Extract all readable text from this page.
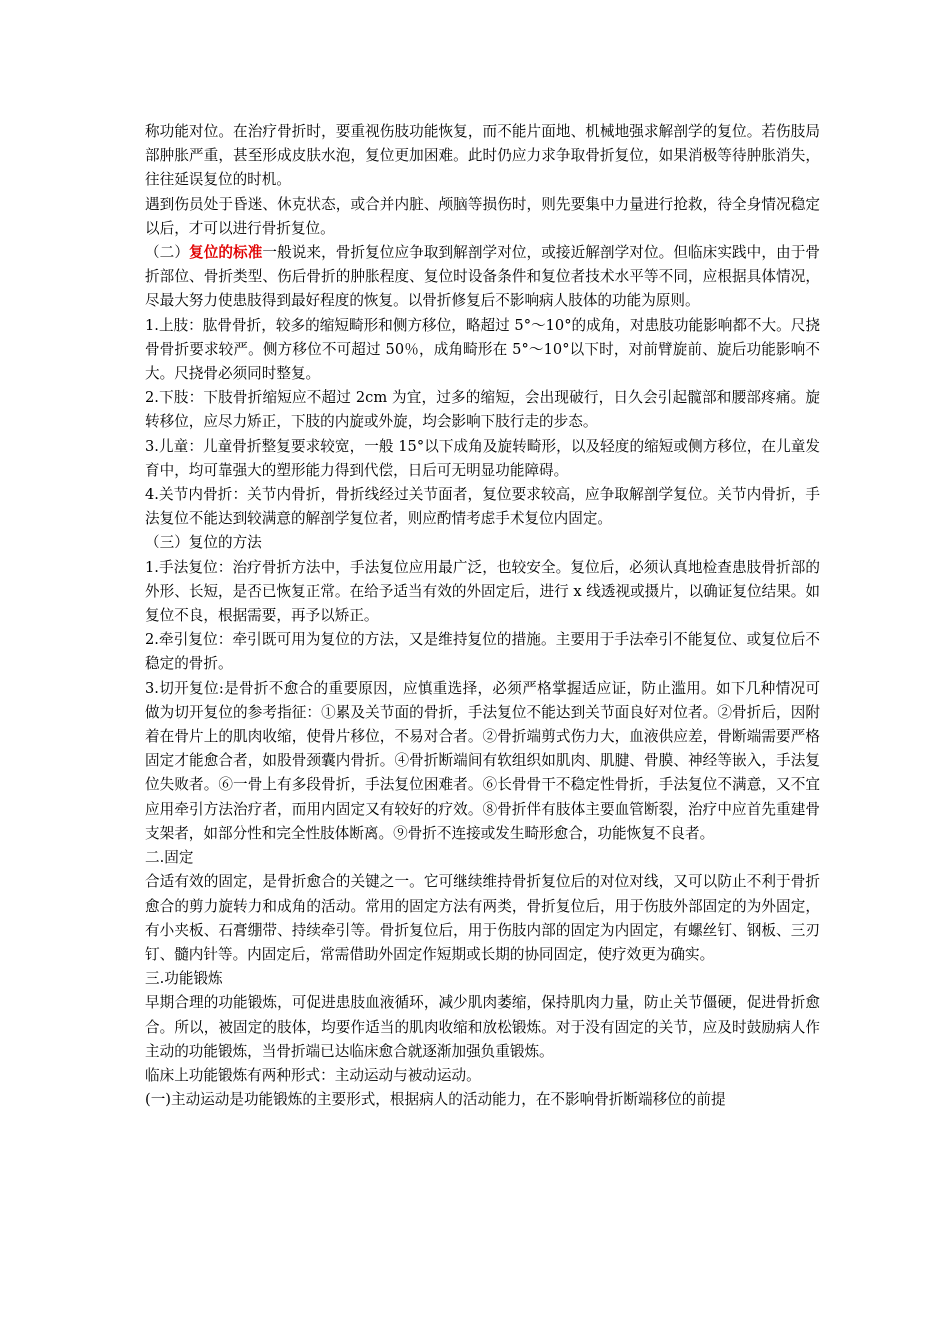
称功能对位。在治疗骨折时，要重视伤肢功能恢复，而不能片面地、机械地强求解剖学的复位。若伤肢局部肿胀严重，甚至形成皮肤水泡，复位更加困难。此时仍应力求争取骨折复位，如果消极等待肿胀消失，往往延误复位的时机。

遇到伤员处于昏迷、休克状态，或合并内脏、颅脑等损伤时，则先要集中力量进行抢救，待全身情况稳定以后，才可以进行骨折复位。

（二）复位的标准一般说来，骨折复位应争取到解剖学对位，或接近解剖学对位。但临床实践中，由于骨折部位、骨折类型、伤后骨折的肿胀程度、复位时设备条件和复位者技术水平等不同，应根据具体情况，尽最大努力使患肢得到最好程度的恢复。以骨折修复后不影响病人肢体的功能为原则。

1.上肢：肱骨骨折，较多的缩短畸形和侧方移位，略超过 5°～10°的成角，对患肢功能影响都不大。尺挠骨骨折要求较严。侧方移位不可超过 50％，成角畸形在 5°～10°以下时，对前臂旋前、旋后功能影响不大。尺挠骨必须同时整复。

2.下肢：下肢骨折缩短应不超过 2cm 为宜，过多的缩短，会出现破行，日久会引起髋部和腰部疼痛。旋转移位，应尽力矫正，下肢的内旋或外旋，均会影响下肢行走的步态。

3.儿童：儿童骨折整复要求较宽，一般 15°以下成角及旋转畸形，以及轻度的缩短或侧方移位，在儿童发育中，均可靠强大的塑形能力得到代偿，日后可无明显功能障碍。

4.关节内骨折：关节内骨折，骨折线经过关节面者，复位要求较高，应争取解剖学复位。关节内骨折，手法复位不能达到较满意的解剖学复位者，则应酌情考虑手术复位内固定。

（三）复位的方法

1.手法复位：治疗骨折方法中，手法复位应用最广泛，也较安全。复位后，必须认真地检查患肢骨折部的外形、长短，是否已恢复正常。在给予适当有效的外固定后，进行 x 线透视或摄片，以确证复位结果。如复位不良，根据需要，再予以矫正。

2.牵引复位：牵引既可用为复位的方法，又是维持复位的措施。主要用于手法牵引不能复位、或复位后不稳定的骨折。

3.切开复位:是骨折不愈合的重要原因，应慎重选择，必须严格掌握适应证，防止滥用。如下几种情况可做为切开复位的参考指征：①累及关节面的骨折，手法复位不能达到关节面良好对位者。②骨折后，因附着在骨片上的肌肉收缩，使骨片移位，不易对合者。②骨折端剪式伤力大，血液供应差，骨断端需要严格固定才能愈合者，如股骨颈囊内骨折。④骨折断端间有软组织如肌肉、肌腱、骨膜、神经等嵌入，手法复位失败者。⑥一骨上有多段骨折，手法复位困难者。⑥长骨骨干不稳定性骨折，手法复位不满意，又不宜应用牵引方法治疗者，而用内固定又有较好的疗效。⑧骨折伴有肢体主要血管断裂，治疗中应首先重建骨支架者，如部分性和完全性肢体断离。⑨骨折不连接或发生畸形愈合，功能恢复不良者。

二.固定

合适有效的固定，是骨折愈合的关键之一。它可继续维持骨折复位后的对位对线，又可以防止不利于骨折愈合的剪力旋转力和成角的活动。常用的固定方法有两类，骨折复位后，用于伤肢外部固定的为外固定，有小夹板、石膏绷带、持续牵引等。骨折复位后，用于伤肢内部的固定为内固定，有螺丝钉、钢板、三刃钉、髓内针等。内固定后，常需借助外固定作短期或长期的协同固定，使疗效更为确实。

三.功能锻炼

早期合理的功能锻炼，可促进患肢血液循环，减少肌肉萎缩，保持肌肉力量，防止关节僵硬，促进骨折愈合。所以，被固定的肢体，均要作适当的肌肉收缩和放松锻炼。对于没有固定的关节，应及时鼓励病人作主动的功能锻炼，当骨折端已达临床愈合就逐渐加强负重锻炼。

临床上功能锻炼有两种形式：主动运动与被动运动。

(一)主动运动是功能锻炼的主要形式，根据病人的活动能力，在不影响骨折断端移位的前提
